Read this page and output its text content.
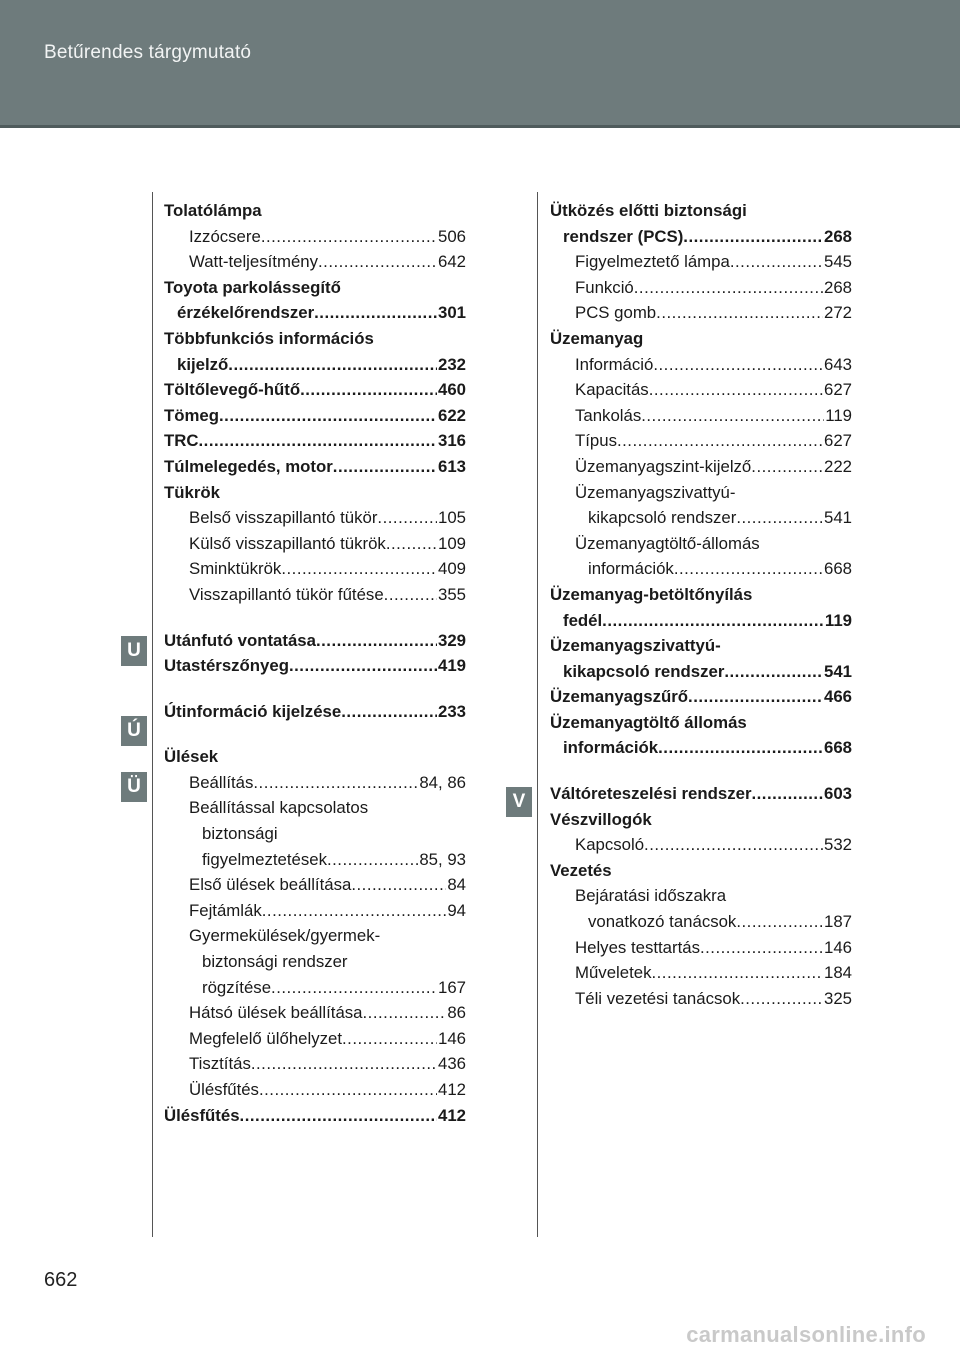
Betűrendes tárgymutató
U
Ú
Ü
V
Tolatólámpa
Izzócsere .....	506
Watt-teljesítmény .....	642
Toyota parkolássegítő
érzékelőrendszer .....	301
Többfunkciós információs
kijelző .....	232
Töltőlevegő-hűtő .....	460
Tömeg .....	622
TRC .....	316
Túlmelegedés, motor .....	613
Tükrök
Belső visszapillantó tükör .....	105
Külső visszapillantó tükrök .....	109
Sminktükrök .....	409
Visszapillantó tükör fűtése .....	355
Utánfutó vontatása .....	329
Utastérszőnyeg .....	419
Útinformáció kijelzése .....	233
Ülések
Beállítás .....	84, 86
Beállítással kapcsolatos
biztonsági
figyelmeztetések .....	85, 93
Első ülések beállítása .....	84
Fejtámlák .....	94
Gyermekülések/gyermek-
biztonsági rendszer
rögzítése .....	167
Hátsó ülések beállítása .....	86
Megfelelő ülőhelyzet .....	146
Tisztítás .....	436
Ülésfűtés .....	412
Ülésfűtés .....	412
Ütközés előtti biztonsági
rendszer (PCS) .....	268
Figyelmeztető lámpa .....	545
Funkció .....	268
PCS gomb .....	272
Üzemanyag
Információ .....	643
Kapacitás .....	627
Tankolás .....	119
Típus .....	627
Üzemanyagszint-kijelző .....	222
Üzemanyagszivattyú-
kikapcsoló rendszer .....	541
Üzemanyagtöltő-állomás
információk .....	668
Üzemanyag-betöltőnyílás
fedél .....	119
Üzemanyagszivattyú-
kikapcsoló rendszer .....	541
Üzemanyagszűrő .....	466
Üzemanyagtöltő állomás
információk .....	668
Váltóreteszelési rendszer .....	603
Vészvillogók
Kapcsoló .....	532
Vezetés
Bejáratási időszakra
vonatkozó tanácsok .....	187
Helyes testtartás .....	146
Műveletek .....	184
Téli vezetési tanácsok .....	325
662
carmanualsonline.info
